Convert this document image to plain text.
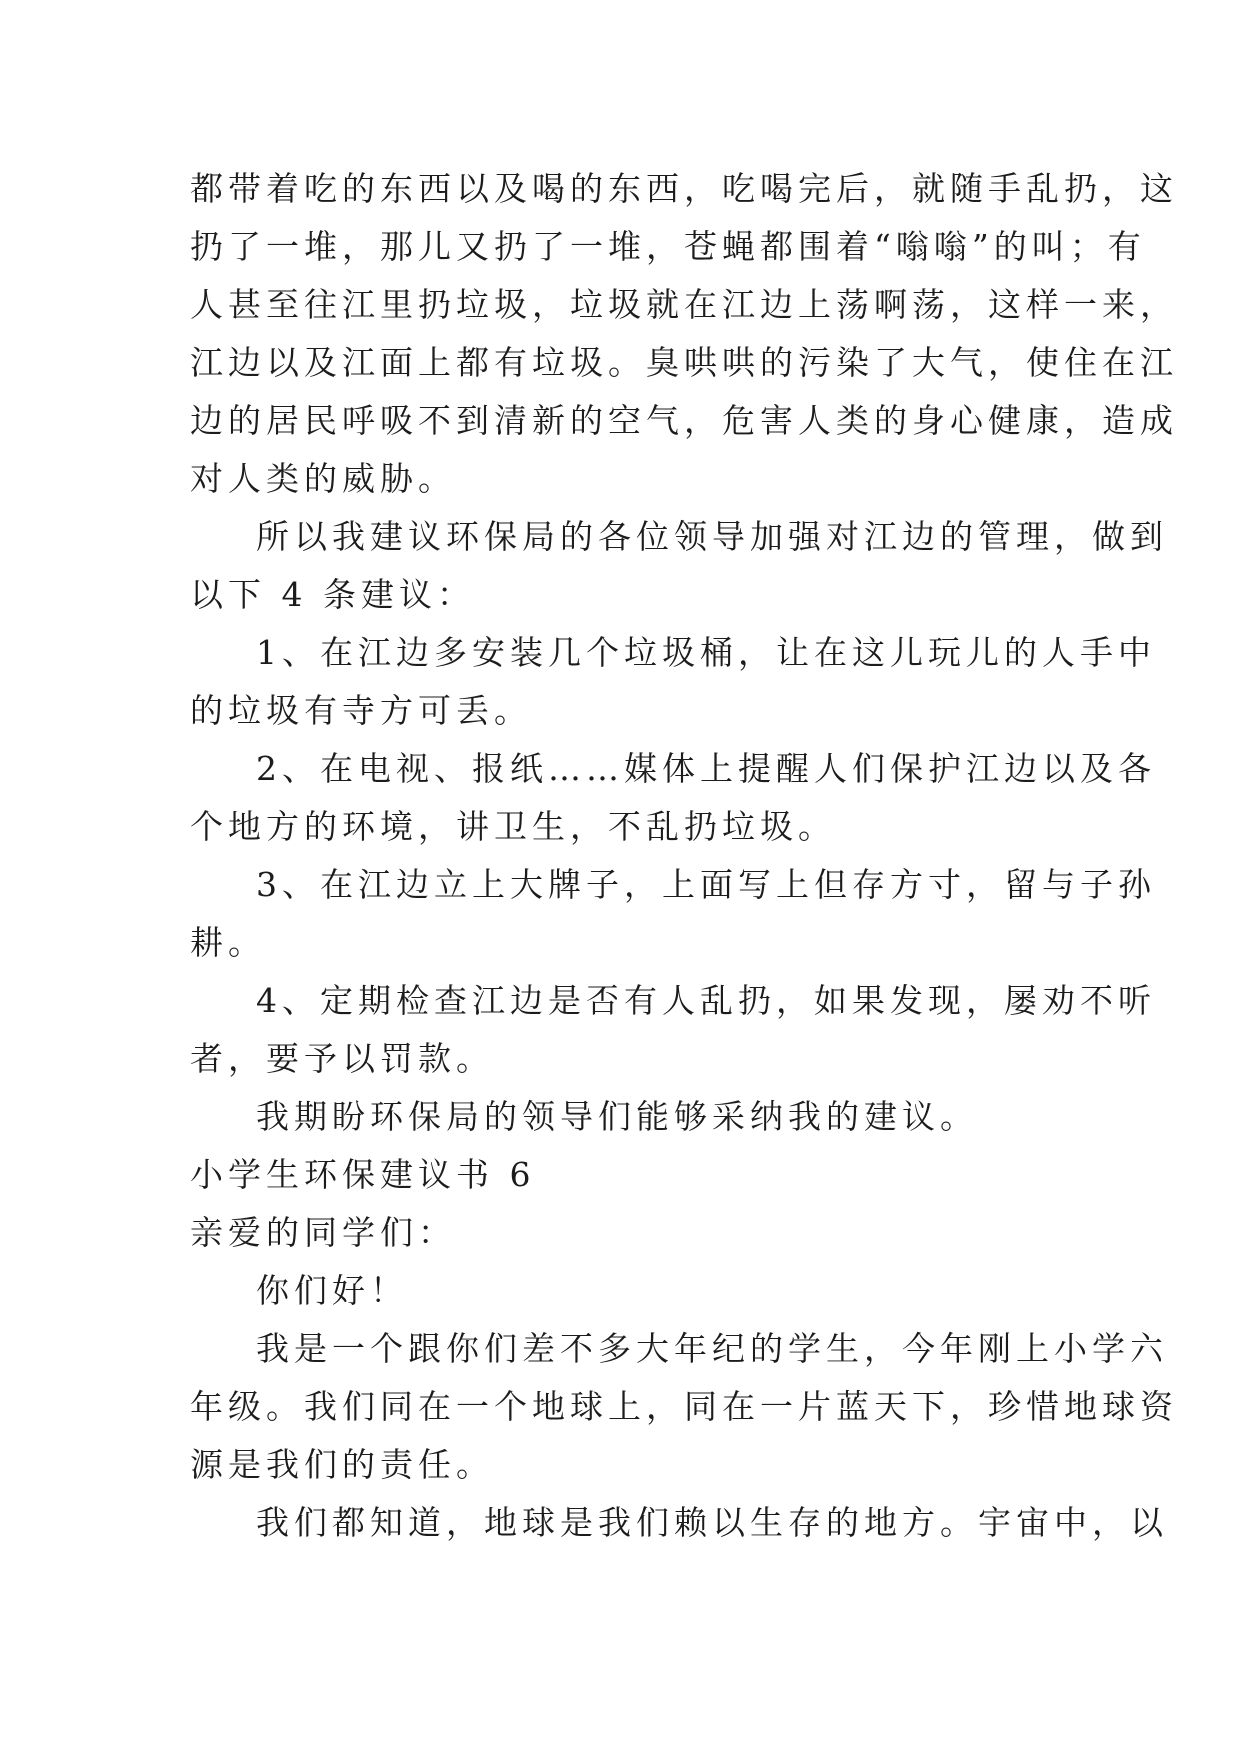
都带着吃的东西以及喝的东西，吃喝完后，就随手乱扔，这
扔了一堆，那儿又扔了一堆，苍蝇都围着“嗡嗡”的叫；有
人甚至往江里扔垃圾，垃圾就在江边上荡啊荡，这样一来，
江边以及江面上都有垃圾。臭哄哄的污染了大气，使住在江
边的居民呼吸不到清新的空气，危害人类的身心健康，造成
对人类的威胁。
所以我建议环保局的各位领导加强对江边的管理，做到
以下 4 条建议：
1、在江边多安装几个垃圾桶，让在这儿玩儿的人手中
的垃圾有寺方可丢。
2、在电视、报纸……媒体上提醒人们保护江边以及各
个地方的环境，讲卫生，不乱扔垃圾。
3、在江边立上大牌子，上面写上但存方寸，留与子孙
耕。
4、定期检查江边是否有人乱扔，如果发现，屡劝不听
者，要予以罚款。
我期盼环保局的领导们能够采纳我的建议。
小学生环保建议书 6
亲爱的同学们：
你们好！
我是一个跟你们差不多大年纪的学生，今年刚上小学六
年级。我们同在一个地球上，同在一片蓝天下，珍惜地球资
源是我们的责任。
我们都知道，地球是我们赖以生存的地方。宇宙中，以
